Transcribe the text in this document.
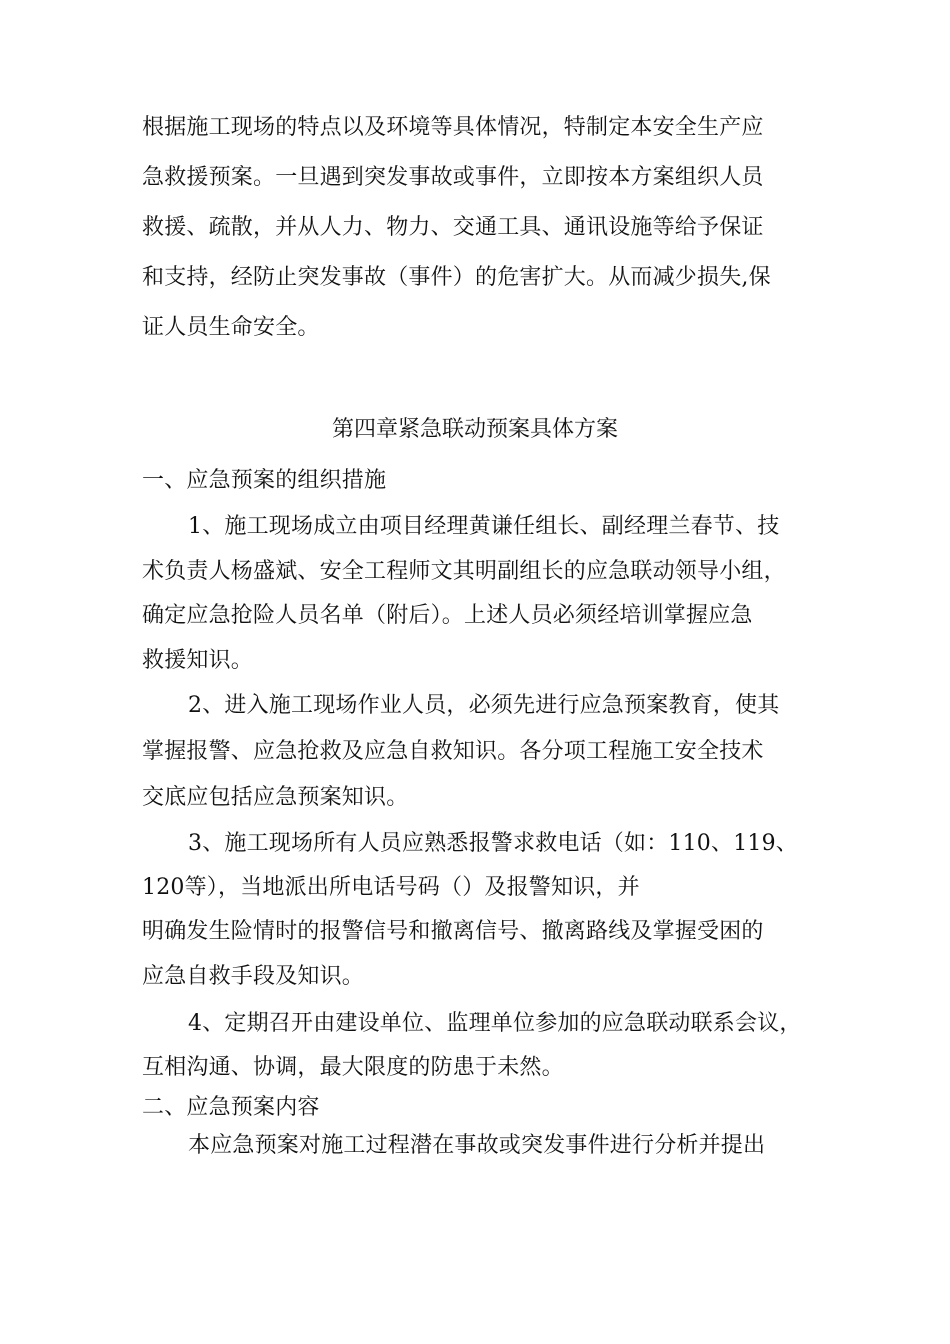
根据施工现场的特点以及环境等具体情况，特制定本安全生产应
急救援预案。一旦遇到突发事故或事件，立即按本方案组织人员
救援、疏散，并从人力、物力、交通工具、通讯设施等给予保证
和支持，经防止突发事故（事件）的危害扩大。从而减少损失,保
证人员生命安全。
第四章紧急联动预案具体方案
一、应急预案的组织措施
1、施工现场成立由项目经理黄谦任组长、副经理兰春节、技
术负责人杨盛斌、安全工程师文其明副组长的应急联动领导小组，
确定应急抢险人员名单（附后）。上述人员必须经培训掌握应急
救援知识。
2、进入施工现场作业人员，必须先进行应急预案教育，使其
掌握报警、应急抢救及应急自救知识。各分项工程施工安全技术
交底应包括应急预案知识。
3、施工现场所有人员应熟悉报警求救电话（如：110、119、
120等），当地派出所电话号码（）及报警知识，并
明确发生险情时的报警信号和撤离信号、撤离路线及掌握受困的
应急自救手段及知识。
4、定期召开由建设单位、监理单位参加的应急联动联系会议，
互相沟通、协调，最大限度的防患于未然。
二、应急预案内容
本应急预案对施工过程潜在事故或突发事件进行分析并提出
